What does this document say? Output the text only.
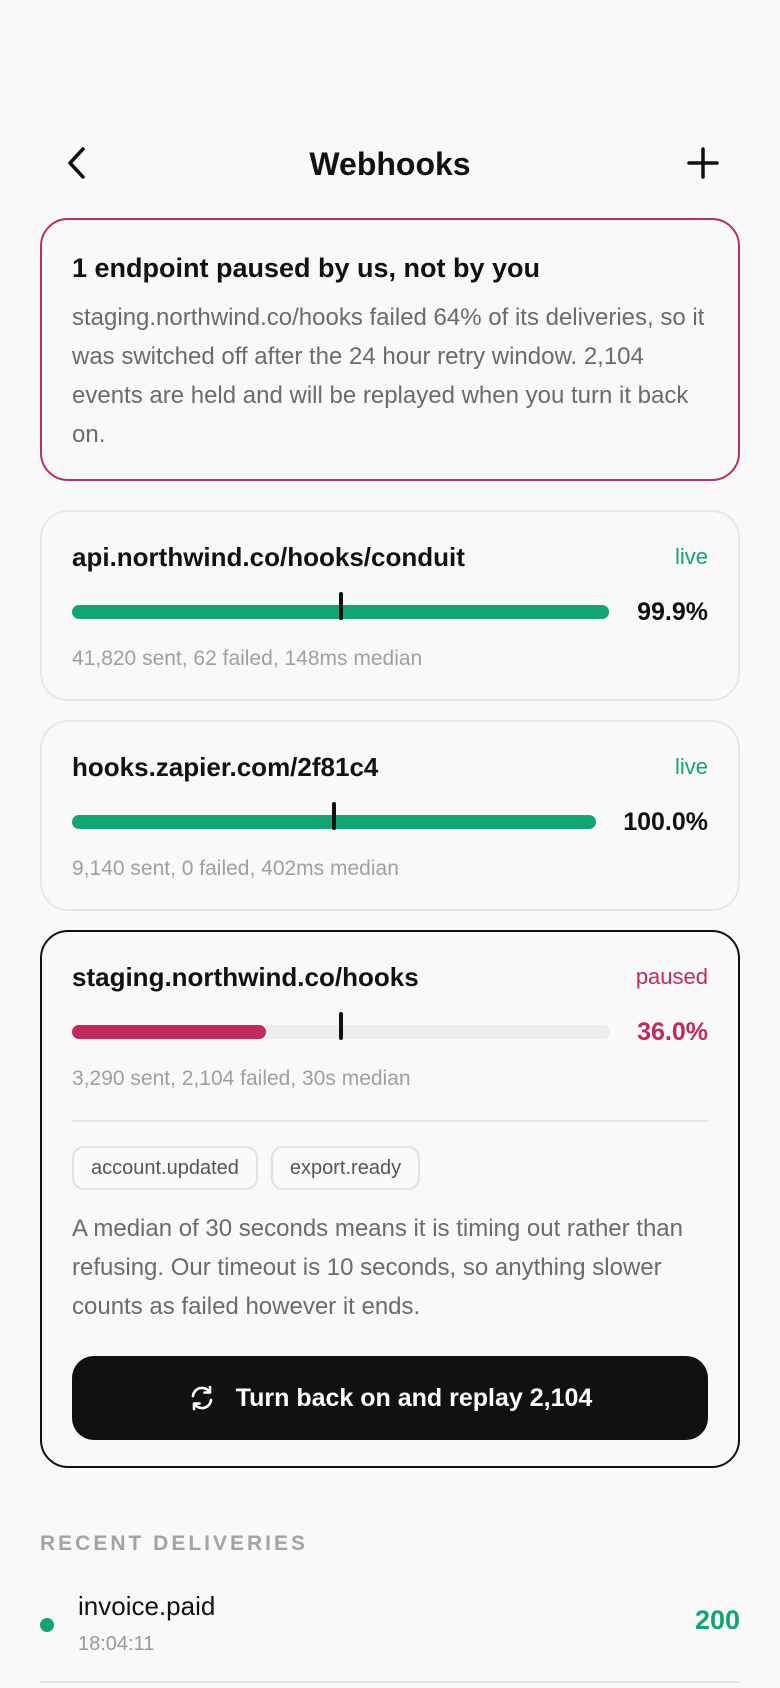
Webhooks
1 endpoint paused by us, not by you

staging.northwind.co/hooks failed 64% of its deliveries, so it was switched off after the 24 hour retry window. 2,104 events are held and will be replayed when you turn it back on.

api.northwind.co/hooks/conduit	live
99.9%
41,820 sent, 62 failed, 148ms median
hooks.zapier.com/2f81c4	live
100.0%
9,140 sent, 0 failed, 402ms median
staging.northwind.co/hooks	paused
36.0%
3,290 sent, 2,104 failed, 30s median
account.updated	export.ready

A median of 30 seconds means it is timing out rather than refusing. Our timeout is 10 seconds, so anything slower counts as failed however it ends.

Turn back on and replay 2,104
RECENT DELIVERIES
invoice.paid
18:04:11
200
